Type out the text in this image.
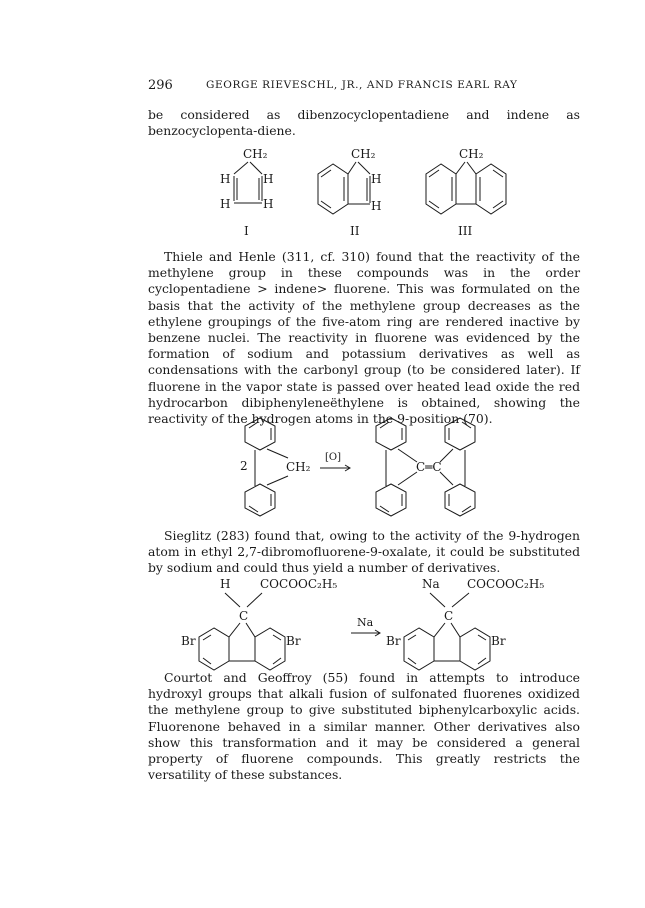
296	GEORGE RIEVESCHL, JR., AND FRANCIS EARL RAY

be considered as dibenzocyclopentadiene and indene as benzocyclopenta-diene.

CH₂
H	H
H	H
I
CH₂
H
H
II
CH₂
III

Thiele and Henle (311, cf. 310) found that the reactivity of the methylene group in these compounds was in the order cyclopentadiene > indene> fluorene. This was formulated on the basis that the activity of the methylene group decreases as the ethylene groupings of the five-atom ring are rendered inactive by benzene nuclei. The reactivity in fluorene was evidenced by the formation of sodium and potassium derivatives as well as condensations with the carbonyl group (to be considered later). If fluorene in the vapor state is passed over heated lead oxide the red hydrocarbon dibiphenyleneëthylene is obtained, showing the reactivity of the hydrogen atoms in the 9-position (70).

2	CH₂
[O]
C═C

Sieglitz (283) found that, owing to the activity of the 9-hydrogen atom in ethyl 2,7-dibromofluorene-9-oxalate, it could be substituted by sodium and could thus yield a number of derivatives.

H COCOOC₂H₅
C
Br	Br
Na
Na COCOOC₂H₅
C
Br	Br

Courtot and Geoffroy (55) found in attempts to introduce hydroxyl groups that alkali fusion of sulfonated fluorenes oxidized the methylene group to give substituted biphenylcarboxylic acids. Fluorenone behaved in a similar manner. Other derivatives also show this transformation and it may be considered a general property of fluorene compounds. This greatly restricts the versatility of these substances.
